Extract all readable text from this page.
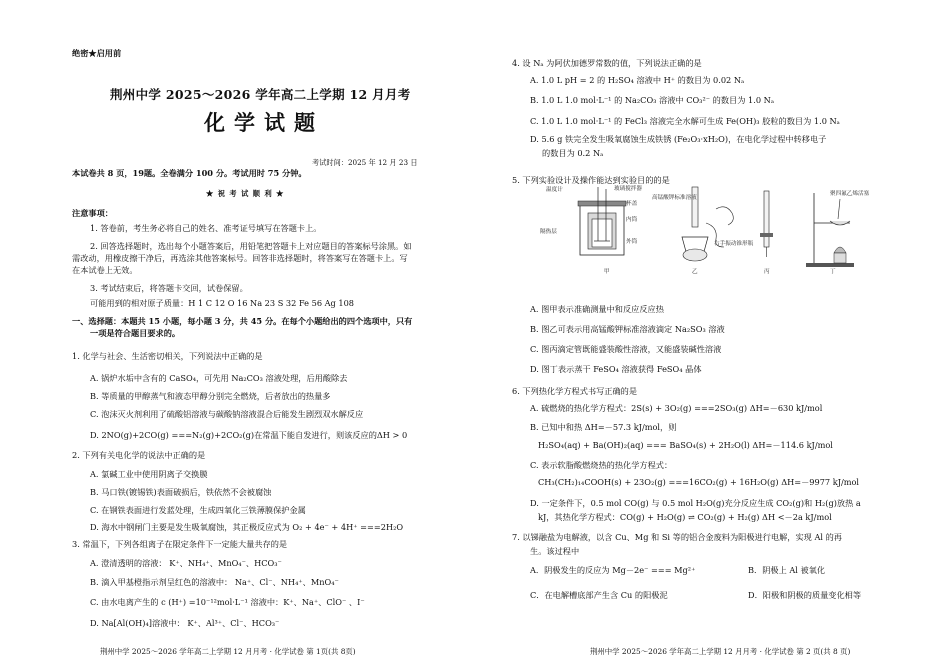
绝密★启用前
荆州中学 2025～2026 学年高二上学期 12 月月考
化学试题
考试时间：2025 年 12 月 23 日
本试卷共 8 页，19题。全卷满分 100 分。考试用时 75 分钟。
★ 祝 考 试 顺 利 ★
注意事项：
1. 答卷前，考生务必将自己的姓名、准考证号填写在答题卡上。
2. 回答选择题时，选出每个小题答案后，用铅笔把答题卡上对应题目的答案标号涂黑。如
需改动，用橡皮擦干净后，再选涂其他答案标号。回答非选择题时，将答案写在答题卡上。写
在本试卷上无效。
3. 考试结束后，将答题卡交回，试卷保留。
可能用到的相对原子质量：H 1 C 12 O 16 Na 23 S 32 Fe 56 Ag 108
一、选择题：本题共 15 小题，每小题 3 分，共 45 分。在每个小题给出的四个选项中，只有
一项是符合题目要求的。
1. 化学与社会、生活密切相关，下列说法中正确的是
A. 锅炉水垢中含有的 CaSO₄，可先用 Na₂CO₃ 溶液处理，后用酸除去
B. 等质量的甲醇蒸气和液态甲醇分别完全燃烧，后者放出的热量多
C. 泡沫灭火剂利用了硫酸铝溶液与碳酸钠溶液混合后能发生剧烈双水解反应
D. 2NO(g)+2CO(g) ===N₂(g)+2CO₂(g)在常温下能自发进行，则该反应的ΔH > 0
2. 下列有关电化学的说法中正确的是
A. 氯碱工业中使用阴离子交换膜
B. 马口铁(镀锡铁)表面破损后，铁依然不会被腐蚀
C. 在钢铁表面进行发蓝处理，生成四氧化三铁薄膜保护金属
D. 海水中钢闸门主要是发生吸氧腐蚀，其正极反应式为 O₂ + 4e⁻ + 4H⁺ ===2H₂O
3. 常温下，下列各组离子在限定条件下一定能大量共存的是
A. 澄清透明的溶液： K⁺、NH₄⁺、MnO₄⁻、HCO₃⁻
B. 滴入甲基橙指示剂呈红色的溶液中： Na⁺、Cl⁻、NH₄⁺、MnO₄⁻
C. 由水电离产生的 c (H⁺) =10⁻¹²mol·L⁻¹ 溶液中：K⁺、Na⁺、ClO⁻ 、I⁻
D. Na[Al(OH)₄]溶液中： K⁺、Al³⁺、Cl⁻、HCO₃⁻
荆州中学 2025～2026 学年高二上学期 12 月月考 · 化学试卷 第 1页(共 8页)
4. 设 Nₐ 为阿伏加德罗常数的值，下列说法正确的是
A. 1.0 L pH = 2 的 H₂SO₄ 溶液中 H⁺ 的数目为 0.02 Nₐ
B. 1.0 L 1.0 mol·L⁻¹ 的 Na₂CO₃ 溶液中 CO₃²⁻ 的数目为 1.0 Nₐ
C. 1.0 L 1.0 mol·L⁻¹ 的 FeCl₃ 溶液完全水解可生成 Fe(OH)₃ 胶粒的数目为 1.0 Nₐ
D. 5.6 g 铁完全发生吸氧腐蚀生成铁锈 (Fe₂O₃·xH₂O)，在电化学过程中转移电子
的数目为 0.2 Nₐ
5. 下列实验设计及操作能达到实验目的的是
温度计	玻璃搅拌器
杯盖
内筒
隔热层
外筒
高锰酸钾标准溶液
右手振动锥形瓶
聚四氟乙烯活塞
甲	乙	丙	丁
A. 图甲表示准确测量中和反应反应热
B. 图乙可表示用高锰酸钾标准溶液滴定 Na₂SO₃ 溶液
C. 图丙滴定管既能盛装酸性溶液，又能盛装碱性溶液
D. 图丁表示蒸干 FeSO₄ 溶液获得 FeSO₄ 晶体
6. 下列热化学方程式书写正确的是
A. 硫燃烧的热化学方程式：2S(s) + 3O₂(g) ===2SO₃(g) ΔH=－630 kJ/mol
B. 已知中和热 ΔH=－57.3 kJ/mol，则
H₂SO₄(aq) + Ba(OH)₂(aq) === BaSO₄(s) + 2H₂O(l) ΔH=－114.6 kJ/mol
C. 表示软脂酸燃烧热的热化学方程式：
CH₃(CH₂)₁₄COOH(s) + 23O₂(g) ===16CO₂(g) + 16H₂O(g) ΔH=－9977 kJ/mol
D. 一定条件下，0.5 mol CO(g) 与 0.5 mol H₂O(g)充分反应生成 CO₂(g)和 H₂(g)放热 a
kJ，其热化学方程式：CO(g) + H₂O(g) ⇌ CO₂(g) + H₂(g) ΔH <－2a kJ/mol
7. 以锑融盐为电解液，以含 Cu、Mg 和 Si 等的铝合金废料为阳极进行电解，实现 Al 的再
生。该过程中
A．阴极发生的反应为 Mg－2e⁻ === Mg²⁺	B．阴极上 Al 被氧化
C．在电解槽底部产生含 Cu 的阳极泥	D．阳极和阴极的质量变化相等
荆州中学 2025～2026 学年高二上学期 12 月月考 · 化学试卷 第 2 页(共 8 页)
